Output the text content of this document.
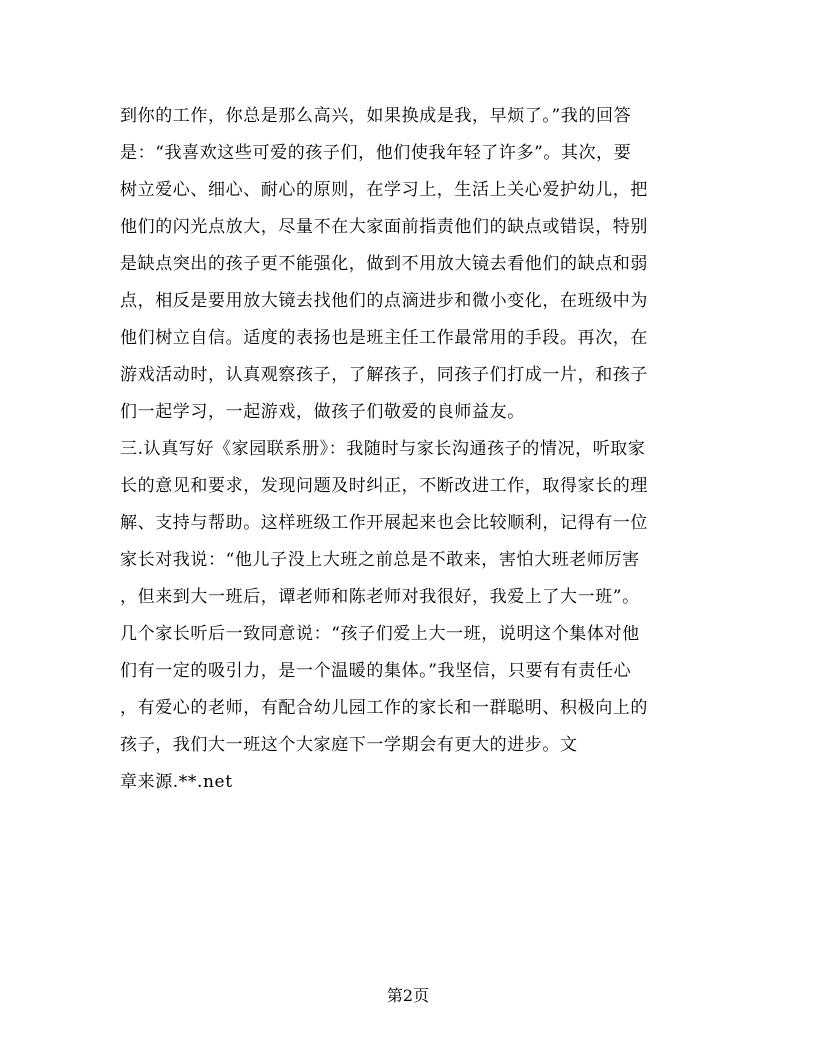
到你的工作，你总是那么高兴，如果换成是我，早烦了。”我的回答

是：“我喜欢这些可爱的孩子们，他们使我年轻了许多”。其次，要

树立爱心、细心、耐心的原则，在学习上，生活上关心爱护幼儿，把

他们的闪光点放大，尽量不在大家面前指责他们的缺点或错误，特别

是缺点突出的孩子更不能强化，做到不用放大镜去看他们的缺点和弱

点，相反是要用放大镜去找他们的点滴进步和微小变化，在班级中为

他们树立自信。适度的表扬也是班主任工作最常用的手段。再次，在

游戏活动时，认真观察孩子，了解孩子，同孩子们打成一片，和孩子

们一起学习，一起游戏，做孩子们敬爱的良师益友。

三.认真写好《家园联系册》：我随时与家长沟通孩子的情况，听取家

长的意见和要求，发现问题及时纠正，不断改进工作，取得家长的理

解、支持与帮助。这样班级工作开展起来也会比较顺利，记得有一位

家长对我说：“他儿子没上大班之前总是不敢来，害怕大班老师厉害

，但来到大一班后，谭老师和陈老师对我很好，我爱上了大一班”。

几个家长听后一致同意说：“孩子们爱上大一班，说明这个集体对他

们有一定的吸引力，是一个温暖的集体。”我坚信，只要有有责任心

，有爱心的老师，有配合幼儿园工作的家长和一群聪明、积极向上的

孩子，我们大一班这个大家庭下一学期会有更大的进步。文

章来源.**.net

第2页
